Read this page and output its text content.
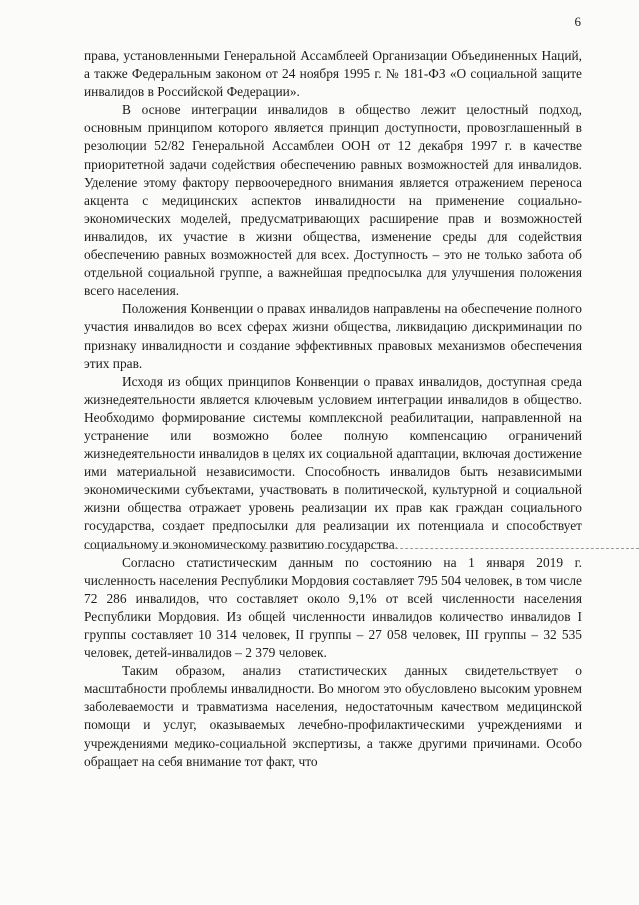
6

права, установленными Генеральной Ассамблеей Организации Объединенных Наций, а также Федеральным законом от 24 ноября 1995 г. № 181-ФЗ «О социальной защите инвалидов в Российской Федерации».

В основе интеграции инвалидов в общество лежит целостный подход, основным принципом которого является принцип доступности, провозглашенный в резолюции 52/82 Генеральной Ассамблеи ООН от 12 декабря 1997 г. в качестве приоритетной задачи содействия обеспечению равных возможностей для инвалидов. Уделение этому фактору первоочередного внимания является отражением переноса акцента с медицинских аспектов инвалидности на применение социально-экономических моделей, предусматривающих расширение прав и возможностей инвалидов, их участие в жизни общества, изменение среды для содействия обеспечению равных возможностей для всех. Доступность – это не только забота об отдельной социальной группе, а важнейшая предпосылка для улучшения положения всего населения.

Положения Конвенции о правах инвалидов направлены на обеспечение полного участия инвалидов во всех сферах жизни общества, ликвидацию дискриминации по признаку инвалидности и создание эффективных правовых механизмов обеспечения этих прав.

Исходя из общих принципов Конвенции о правах инвалидов, доступная среда жизнедеятельности является ключевым условием интеграции инвалидов в общество. Необходимо формирование системы комплексной реабилитации, направленной на устранение или возможно более полную компенсацию ограничений жизнедеятельности инвалидов в целях их социальной адаптации, включая достижение ими материальной независимости. Способность инвалидов быть независимыми экономическими субъектами, участвовать в политической, культурной и социальной жизни общества отражает уровень реализации их прав как граждан социального государства, создает предпосылки для реализации их потенциала и способствует социальному и экономическому развитию государства.

Согласно статистическим данным по состоянию на 1 января 2019 г. численность населения Республики Мордовия составляет 795 504 человек, в том числе 72 286 инвалидов, что составляет около 9,1% от всей численности населения Республики Мордовия. Из общей численности инвалидов количество инвалидов I группы составляет 10 314 человек, II группы – 27 058 человек, III группы – 32 535 человек, детей-инвалидов – 2 379 человек.

Таким образом, анализ статистических данных свидетельствует о масштабности проблемы инвалидности. Во многом это обусловлено высоким уровнем заболеваемости и травматизма населения, недостаточным качеством медицинской помощи и услуг, оказываемых лечебно-профилактическими учреждениями и учреждениями медико-социальной экспертизы, а также другими причинами. Особо обращает на себя внимание тот факт, что
